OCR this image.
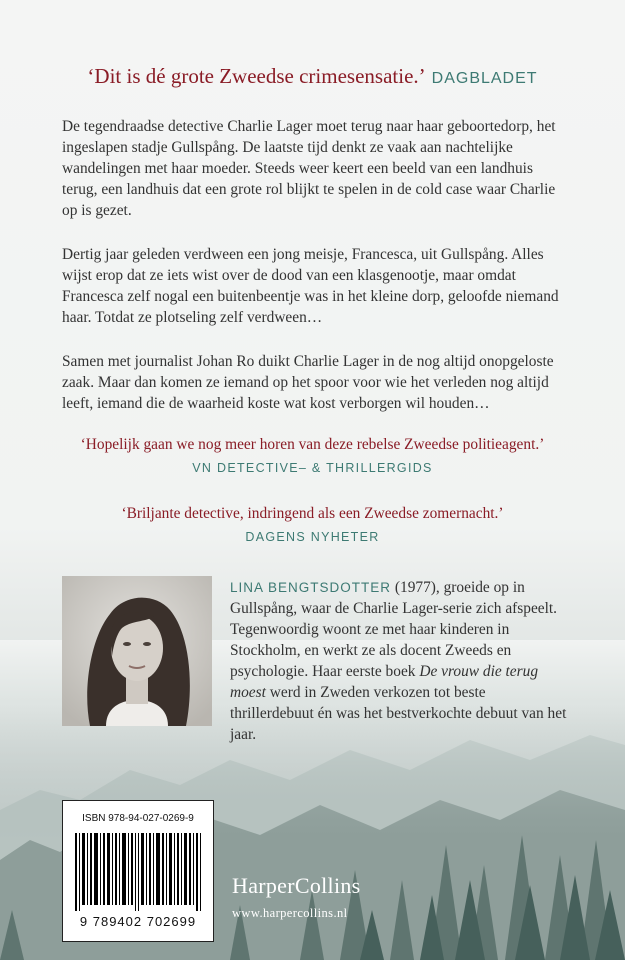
‘Dit is dé grote Zweedse crimesensatie.’ DAGBLADET

De tegendraadse detective Charlie Lager moet terug naar haar geboortedorp, het ingeslapen stadje Gullspång. De laatste tijd denkt ze vaak aan nachtelijke wandelingen met haar moeder. Steeds weer keert een beeld van een landhuis terug, een landhuis dat een grote rol blijkt te spelen in de cold case waar Charlie op is gezet.

Dertig jaar geleden verdween een jong meisje, Francesca, uit Gullspång. Alles wijst erop dat ze iets wist over de dood van een klasgenootje, maar omdat Francesca zelf nogal een buitenbeentje was in het kleine dorp, geloofde niemand haar. Totdat ze plotseling zelf verdween…

Samen met journalist Johan Ro duikt Charlie Lager in de nog altijd onopgeloste zaak. Maar dan komen ze iemand op het spoor voor wie het verleden nog altijd leeft, iemand die de waarheid koste wat kost verborgen wil houden…

‘Hopelijk gaan we nog meer horen van deze rebelse Zweedse politieagent.’

VN DETECTIVE– & THRILLERGIDS

‘Briljante detective, indringend als een Zweedse zomernacht.’

DAGENS NYHETER

LINA BENGTSDOTTER (1977), groeide op in Gullspång, waar de Charlie Lager-serie zich afspeelt. Tegenwoordig woont ze met haar kinderen in Stockholm, en werkt ze als docent Zweeds en psychologie. Haar eerste boek De vrouw die terug moest werd in Zweden verkozen tot beste thrillerdebuut én was het bestverkochte debuut van het jaar.

ISBN 978-94-027-0269-9
9 789402 702699
HarperCollins
www.harpercollins.nl
